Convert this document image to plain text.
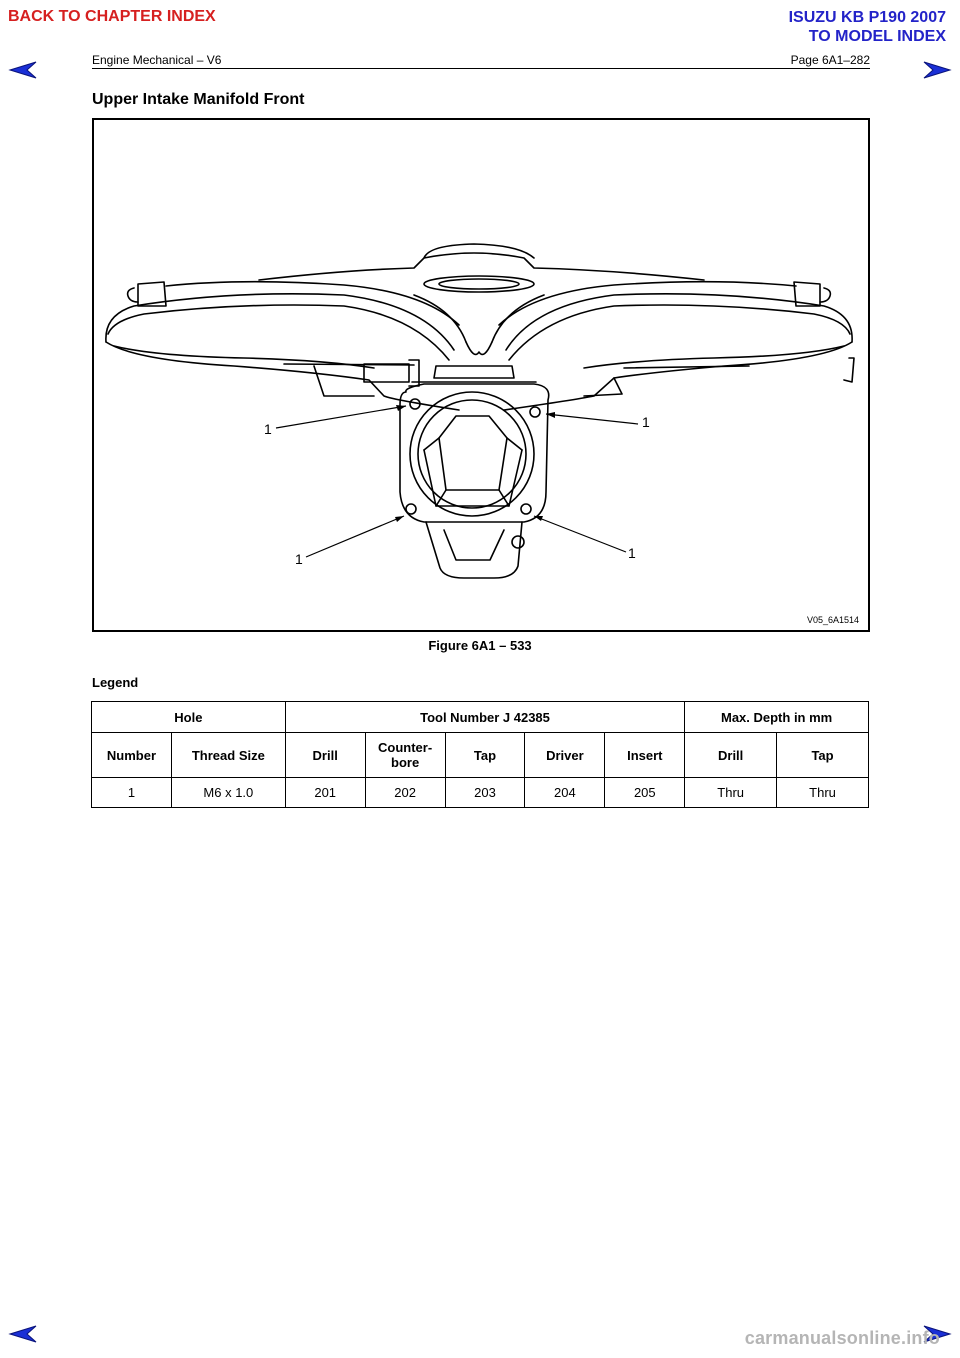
BACK TO CHAPTER INDEX	ISUZU KB P190 2007
TO MODEL INDEX
Engine Mechanical – V6	Page 6A1–282
Upper Intake Manifold Front
1	1
1	1
V05_6A1514
Figure 6A1 – 533
Legend
Hole		Tool Number J 42385					Max. Depth in mm	
Number	Thread Size	Drill	Counter-
bore	Tap	Driver	Insert	Drill	Tap
1	M6 x 1.0	201	202	203	204	205	Thru	Thru
carmanualsonline.info
